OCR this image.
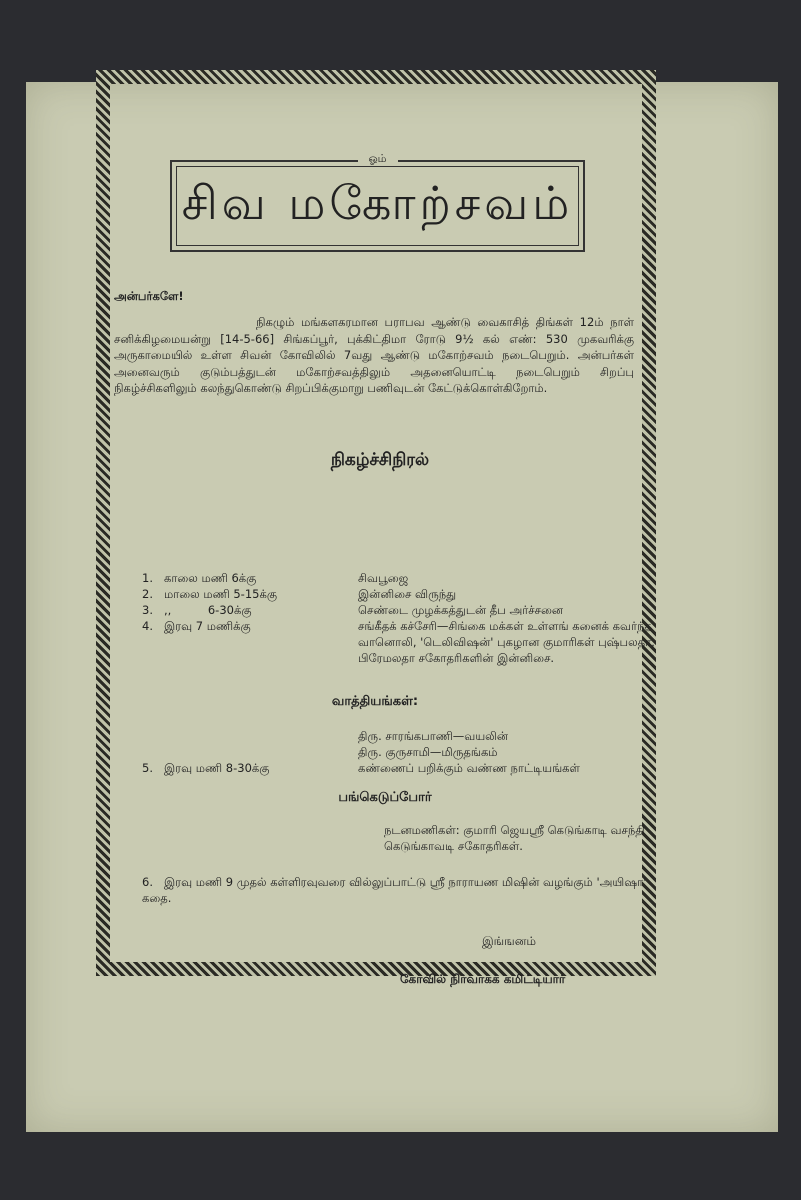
ஓம்
சிவ மகோற்சவம்
அன்பர்களே!
நிகழும் மங்களகரமான பராபவ ஆண்டு வைகாசித் திங்கள் 12ம் நாள் சனிக்கிழமையன்று [14-5-66] சிங்கப்பூர், புக்கிட்திமா ரோடு 9½ கல் எண்: 530 முகவரிக்கு அருகாமையில் உள்ள சிவன் கோவிலில் 7வது ஆண்டு மகோற்சவம் நடைபெறும். அன்பர்கள் அனைவரும் குடும்பத்துடன் மகோற்சவத்திலும் அதனையொட்டி நடைபெறும் சிறப்பு நிகழ்ச்சிகளிலும் கலந்துகொண்டு சிறப்பிக்குமாறு பணிவுடன் கேட்டுக்கொள்கிறோம்.
நிகழ்ச்சிநிரல்
1. காலை மணி 6க்கு	சிவபூஜை
2. மாலை மணி 5-15க்கு	இன்னிசை விருந்து
3. ,,          6-30க்கு	செண்டை முழக்கத்துடன் தீப அர்ச்சனை
4. இரவு 7 மணிக்கு	சங்கீதக் கச்சேரி—சிங்கை மக்கள் உள்ளங் கனைக் கவர்ந்த வானொலி, 'டெலிவிஷன்' புகழான குமாரிகள் புஷ்பலதா, பிரேமலதா சகோதரிகளின் இன்னிசை.
வாத்தியங்கள்:
திரு. சாரங்கபாணி—வயலின்
திரு. குருசாமி—மிருதங்கம்
5. இரவு மணி 8-30க்கு	கண்ணைப் பறிக்கும் வண்ண நாட்டியங்கள்
பங்கெடுப்போர்
நடனமணிகள்: குமாரி ஜெயஸ்ரீ கெடுங்காடி வசந்தி கெடுங்காவடி சகோதரிகள்.
6. இரவு மணி 9 முதல் கள்ளிரவுவரை வில்லுப்பாட்டு ஸ்ரீ நாராயண மிஷின் வழங்கும் 'அயிஷா' கதை.
இங்ஙனம்
கோவில் நிர்வாகக் கமிட்டியார்
